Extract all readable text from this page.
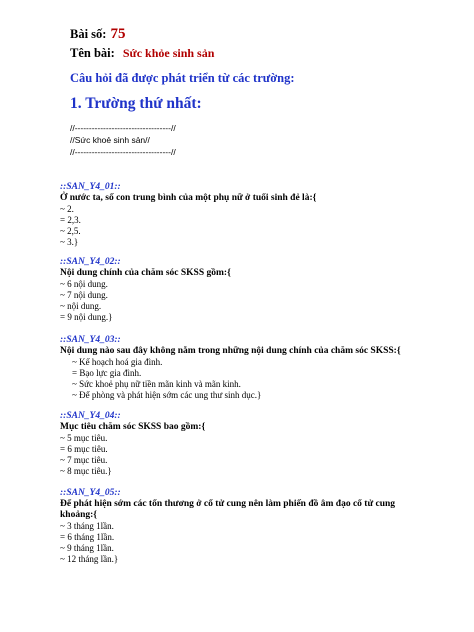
Bài số: 75
Tên bài: Sức khỏe sinh sản
Câu hỏi đã được phát triển từ các trường:
1. Trường thứ nhất:
//----------------------------------//
//Sức khoẻ sinh sản//
//----------------------------------//
::SAN_Y4_01::
Ở nước ta, số con trung bình của một phụ nữ ở tuổi sinh đẻ là:{
~ 2.
= 2,3.
~ 2,5.
~ 3.}
::SAN_Y4_02::
Nội dung chính của chăm sóc SKSS gồm:{
~ 6 nội dung.
~ 7 nội dung.
~ nội dung.
= 9 nội dung.}
::SAN_Y4_03::
Nội dung nào sau đây không nằm trong những nội dung chính của chăm sóc SKSS:{
~ Kế hoạch hoá gia đình.
= Bạo lực gia đình.
~ Sức khoẻ phụ nữ tiền mãn kinh và mãn kinh.
~ Để phòng và phát hiện sớm các ung thư sinh dục.}
::SAN_Y4_04::
Mục tiêu chăm sóc SKSS bao gồm:{
~ 5 mục tiêu.
= 6 mục tiêu.
~ 7 mục tiêu.
~ 8 mục tiêu.}
::SAN_Y4_05::
Để phát hiện sớm các tổn thương ở cổ tử cung nên làm phiến đồ âm đạo cổ tử cung
khoảng:{
~ 3 tháng 1lần.
= 6 tháng 1lần.
~ 9 tháng 1lần.
~ 12 tháng lần.}
